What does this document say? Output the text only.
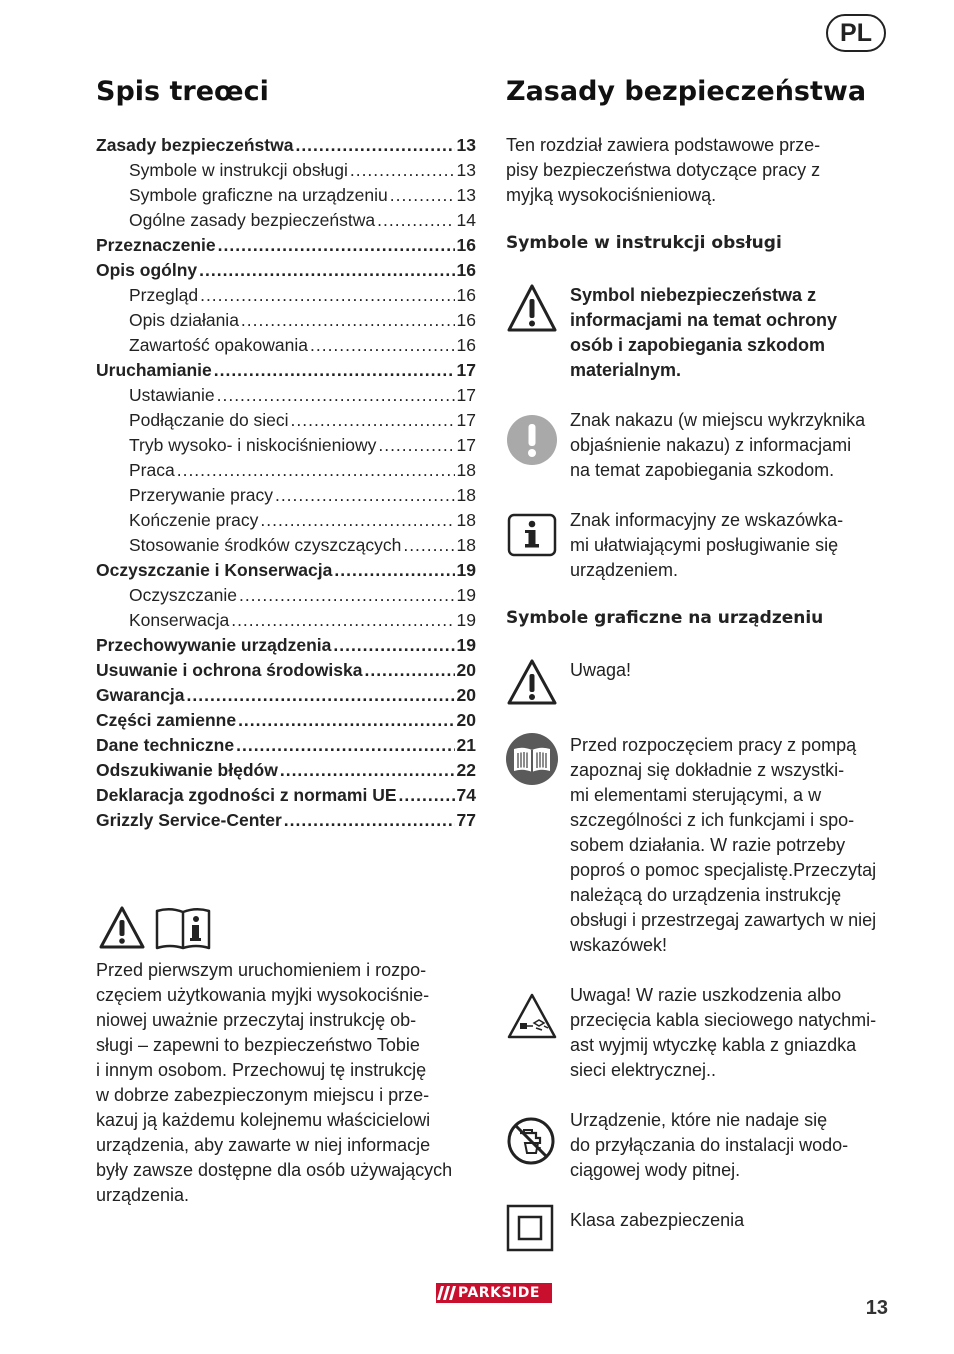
PL
Spis treœci
Zasady bezpieczeństwa .....	13
Symbole w instrukcji obsługi .....	13
Symbole graficzne na urządzeniu .....	13
Ogólne zasady bezpieczeństwa .....	14
Przeznaczenie .....	16
Opis ogólny .....	16
Przegląd .....	16
Opis działania .....	16
Zawartość opakowania .....	16
Uruchamianie .....	17
Ustawianie .....	17
Podłączanie do sieci .....	17
Tryb wysoko- i niskociśnieniowy .....	17
Praca .....	18
Przerywanie pracy .....	18
Kończenie pracy .....	18
Stosowanie środków czyszczących .....	18
Oczyszczanie i Konserwacja .....	19
Oczyszczanie .....	19
Konserwacja .....	19
Przechowywanie urządzenia .....	19
Usuwanie i ochrona środowiska .....	20
Gwarancja .....	20
Części zamienne .....	20
Dane techniczne .....	21
Odszukiwanie błędów .....	22
Deklaracja zgodności z normami UE .....	74
Grizzly Service-Center .....	77
Przed pierwszym uruchomieniem i rozpo-
częciem użytkowania myjki wysokociśnie-
niowej uważnie przeczytaj instrukcję ob-
sługi – zapewni to bezpieczeństwo Tobie
i innym osobom. Przechowuj tę instrukcję
w dobrze zabezpieczonym miejscu i prze-
kazuj ją każdemu kolejnemu właścicielowi
urządzenia, aby zawarte w niej informacje
były zawsze dostępne dla osób używających
urządzenia.
Zasady bezpieczeństwa
Ten rozdział zawiera podstawowe prze-
pisy bezpieczeństwa dotyczące pracy z
myjką wysokociśnieniową.
Symbole w instrukcji obsługi
Symbol niebezpieczeństwa z
informacjami na temat ochrony
osób i zapobiegania szkodom
materialnym.
Znak nakazu (w miejscu wykrzyknika
objaśnienie nakazu) z informacjami
na temat zapobiegania szkodom.
Znak informacyjny ze wskazówka-
mi ułatwiającymi posługiwanie się
urządzeniem.
Symbole graficzne na urządzeniu
Uwaga!
Przed rozpoczęciem pracy z pompą
zapoznaj się dokładnie z wszystki-
mi elementami sterującymi, a w
szczególności z ich funkcjami i spo-
sobem działania. W razie potrzeby
poproś o pomoc specjalistę.Przeczytaj
należącą do urządzenia instrukcję
obsługi i przestrzegaj zawartych w niej
wskazówek!
Uwaga! W razie uszkodzenia albo
przecięcia kabla sieciowego natychmi-
ast wyjmij wtyczkę kabla z gniazdka
sieci elektrycznej..
Urządzenie, które nie nadaje się
do przyłączania do instalacji wodo-
ciągowej wody pitnej.
Klasa zabezpieczenia
PARKSIDE
13
